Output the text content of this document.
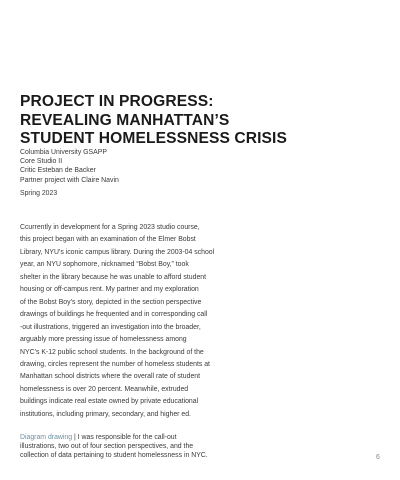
PROJECT IN PROGRESS:
REVEALING MANHATTAN’S
STUDENT HOMELESSNESS CRISIS
Columbia University GSAPP
Core Studio II
Critic Esteban de Backer
Partner project with Claire Navin
Spring 2023
Ccurrently in development for a Spring 2023 studio course,
this project began with an examination of the Elmer Bobst
Library, NYU’s iconic campus library. During the 2003-04 school
year, an NYU sophomore, nicknamed “Bobst Boy,” took
shelter in the library because he was unable to afford student
housing or off-campus rent. My partner and my exploration
of the Bobst Boy’s story, depicted in the section perspective
drawings of buildings he frequented and in corresponding call
-out illustrations, triggered an investigation into the broader,
arguably more pressing issue of homelessness among
NYC’s K-12 public school students. In the background of the
drawing, circles represent the number of homeless students at
Manhattan school districts where the overall rate of student
homelessness is over 20 percent. Meanwhile, extruded
buildings indicate real estate owned by private educational
institutions, including primary, secondary, and higher ed.
Diagram drawing | I was responsible for the call-out
illustrations, two out of four section perspectives, and the
collection of data pertaining to student homelessness in NYC.	6
